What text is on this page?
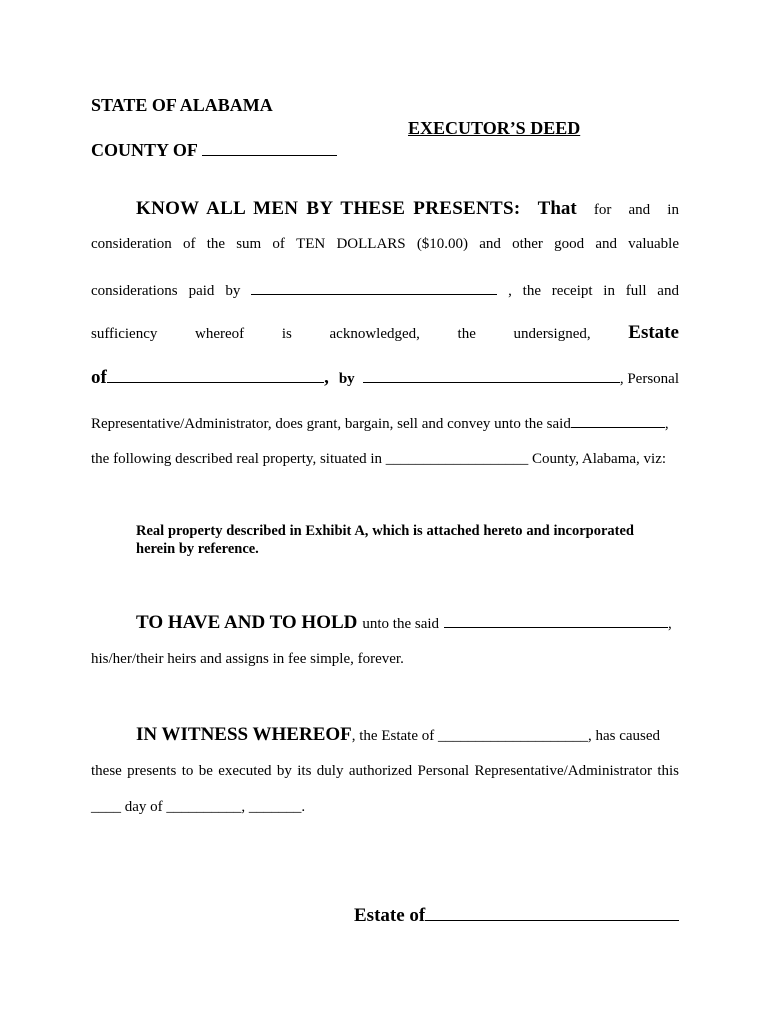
STATE OF ALABAMA
EXECUTOR’S DEED
COUNTY OF
KNOW ALL MEN BY THESE PRESENTS: That for and in
consideration of the sum of TEN DOLLARS ($10.00) and other good and valuable
considerations paid by	, the receipt in full and
sufficiency	whereof	is	acknowledged,	the	undersigned, Estate
of	, by	, Personal
Representative/Administrator, does grant, bargain, sell and convey unto the said	,
the following described real property, situated in ___________________ County, Alabama, viz:
Real property described in Exhibit A, which is attached hereto and incorporated herein by reference.
TO HAVE AND TO HOLD unto the said	,
his/her/their heirs and assigns in fee simple, forever.
IN WITNESS WHEREOF , the Estate of ____________________, has caused
these presents to be executed by its duly authorized Personal Representative/Administrator this
____ day of __________, _______.
Estate of
